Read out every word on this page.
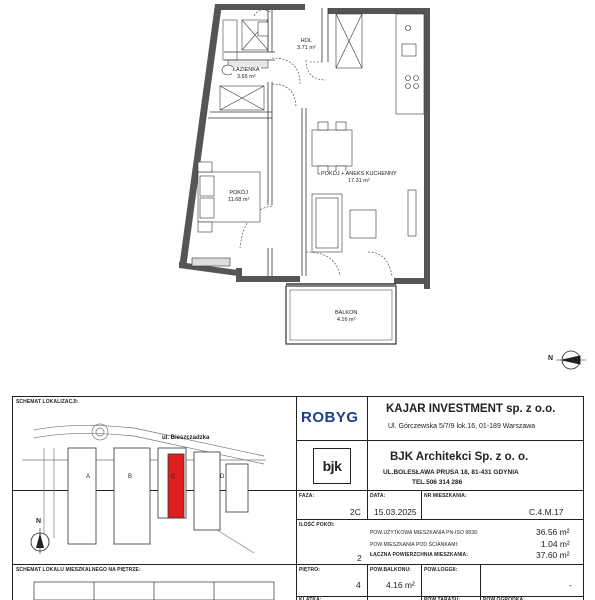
N
HOL
3.71 m²
ŁAZIENKA
3.65 m²
POKÓJ + ANEKS KUCHENNY
17.31 m²
POKÓJ
11.68 m²
BALKON
4.16 m²
SCHEMAT LOKALIZACJI:
ul. Bieszczadzka
A	B	C	D
N
SCHEMAT LOKALU MIESZKALNEGO NA PIĘTRZE:
ROBYG KAJAR INVESTMENT sp. z o.o.
Ul. Górczewska 5/7/9 lok.16, 01-189 Warszawa
bjk
BJK Architekci Sp. z o. o.
UL.BOLESŁAWA PRUSA 18, 81-431 GDYNIA
TEL.506 314 286
FAZA:
2C
DATA:
15.03.2025
NR MIESZKANIA:
C.4.M.17
ILOŚĆ POKOI:
2
POW.UŻYTKOWA MIESZKANIA PN-ISO 9836:	36.56 m²
POW.MIESZKANIA POD ŚCIANKAMI:	1.04 m²
ŁĄCZNA POWIERZCHNIA MIESZKANIA:	37.60 m²
PIĘTRO:
4
POW.BALKONU:
4.16 m²
POW.LOGGII:
-
KLATKA:	POW.TARASU:	POW.OGRÓDKA:
